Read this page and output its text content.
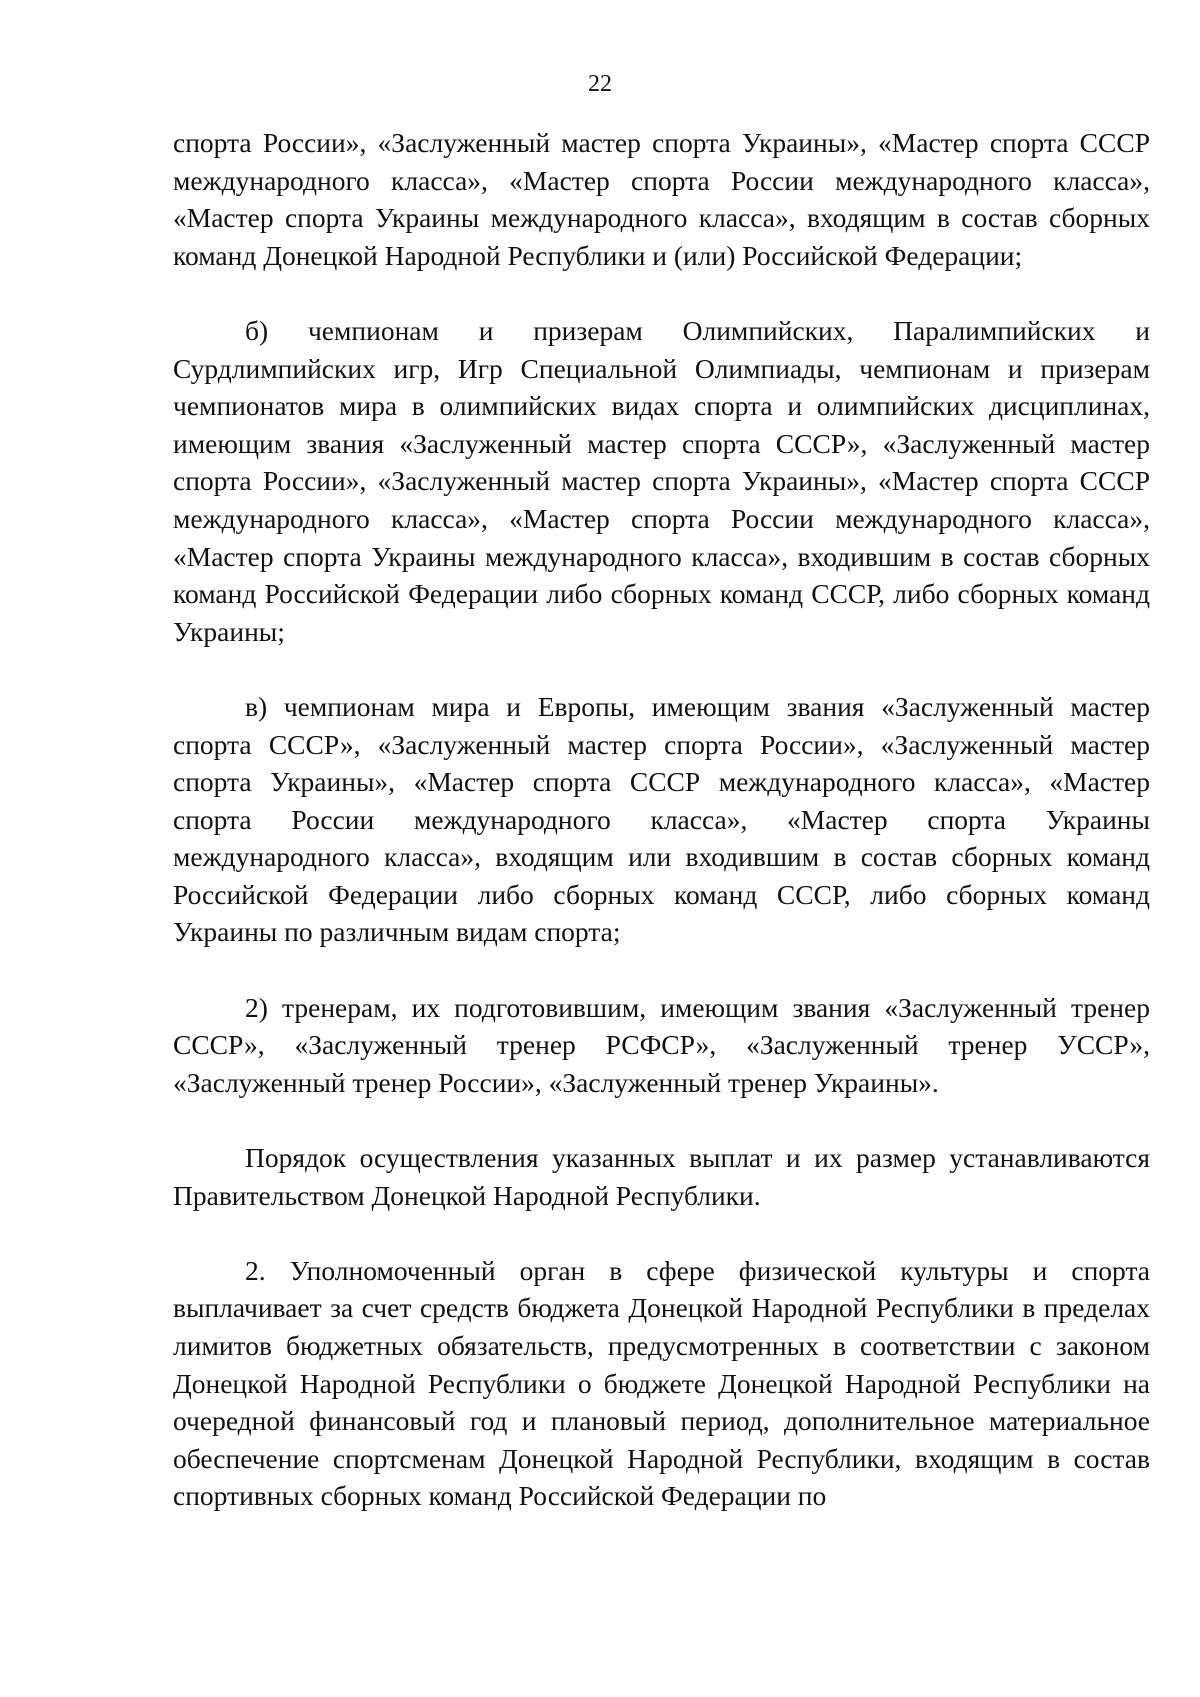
22

спорта России», «Заслуженный мастер спорта Украины», «Мастер спорта СССР международного класса», «Мастер спорта России международного класса», «Мастер спорта Украины международного класса», входящим в состав сборных команд Донецкой Народной Республики и (или) Российской Федерации;

б) чемпионам и призерам Олимпийских, Паралимпийских и Сурдлимпийских игр, Игр Специальной Олимпиады, чемпионам и призерам чемпионатов мира в олимпийских видах спорта и олимпийских дисциплинах, имеющим звания «Заслуженный мастер спорта СССР», «Заслуженный мастер спорта России», «Заслуженный мастер спорта Украины», «Мастер спорта СССР международного класса», «Мастер спорта России международного класса», «Мастер спорта Украины международного класса», входившим в состав сборных команд Российской Федерации либо сборных команд СССР, либо сборных команд Украины;

в) чемпионам мира и Европы, имеющим звания «Заслуженный мастер спорта СССР», «Заслуженный мастер спорта России», «Заслуженный мастер спорта Украины», «Мастер спорта СССР международного класса», «Мастер спорта России международного класса», «Мастер спорта Украины международного класса», входящим или входившим в состав сборных команд Российской Федерации либо сборных команд СССР, либо сборных команд Украины по различным видам спорта;

2) тренерам, их подготовившим, имеющим звания «Заслуженный тренер СССР», «Заслуженный тренер РСФСР», «Заслуженный тренер УССР», «Заслуженный тренер России», «Заслуженный тренер Украины».

Порядок осуществления указанных выплат и их размер устанавливаются Правительством Донецкой Народной Республики.

2. Уполномоченный орган в сфере физической культуры и спорта выплачивает за счет средств бюджета Донецкой Народной Республики в пределах лимитов бюджетных обязательств, предусмотренных в соответствии с законом Донецкой Народной Республики о бюджете Донецкой Народной Республики на очередной финансовый год и плановый период, дополнительное материальное обеспечение спортсменам Донецкой Народной Республики, входящим в состав спортивных сборных команд Российской Федерации по
